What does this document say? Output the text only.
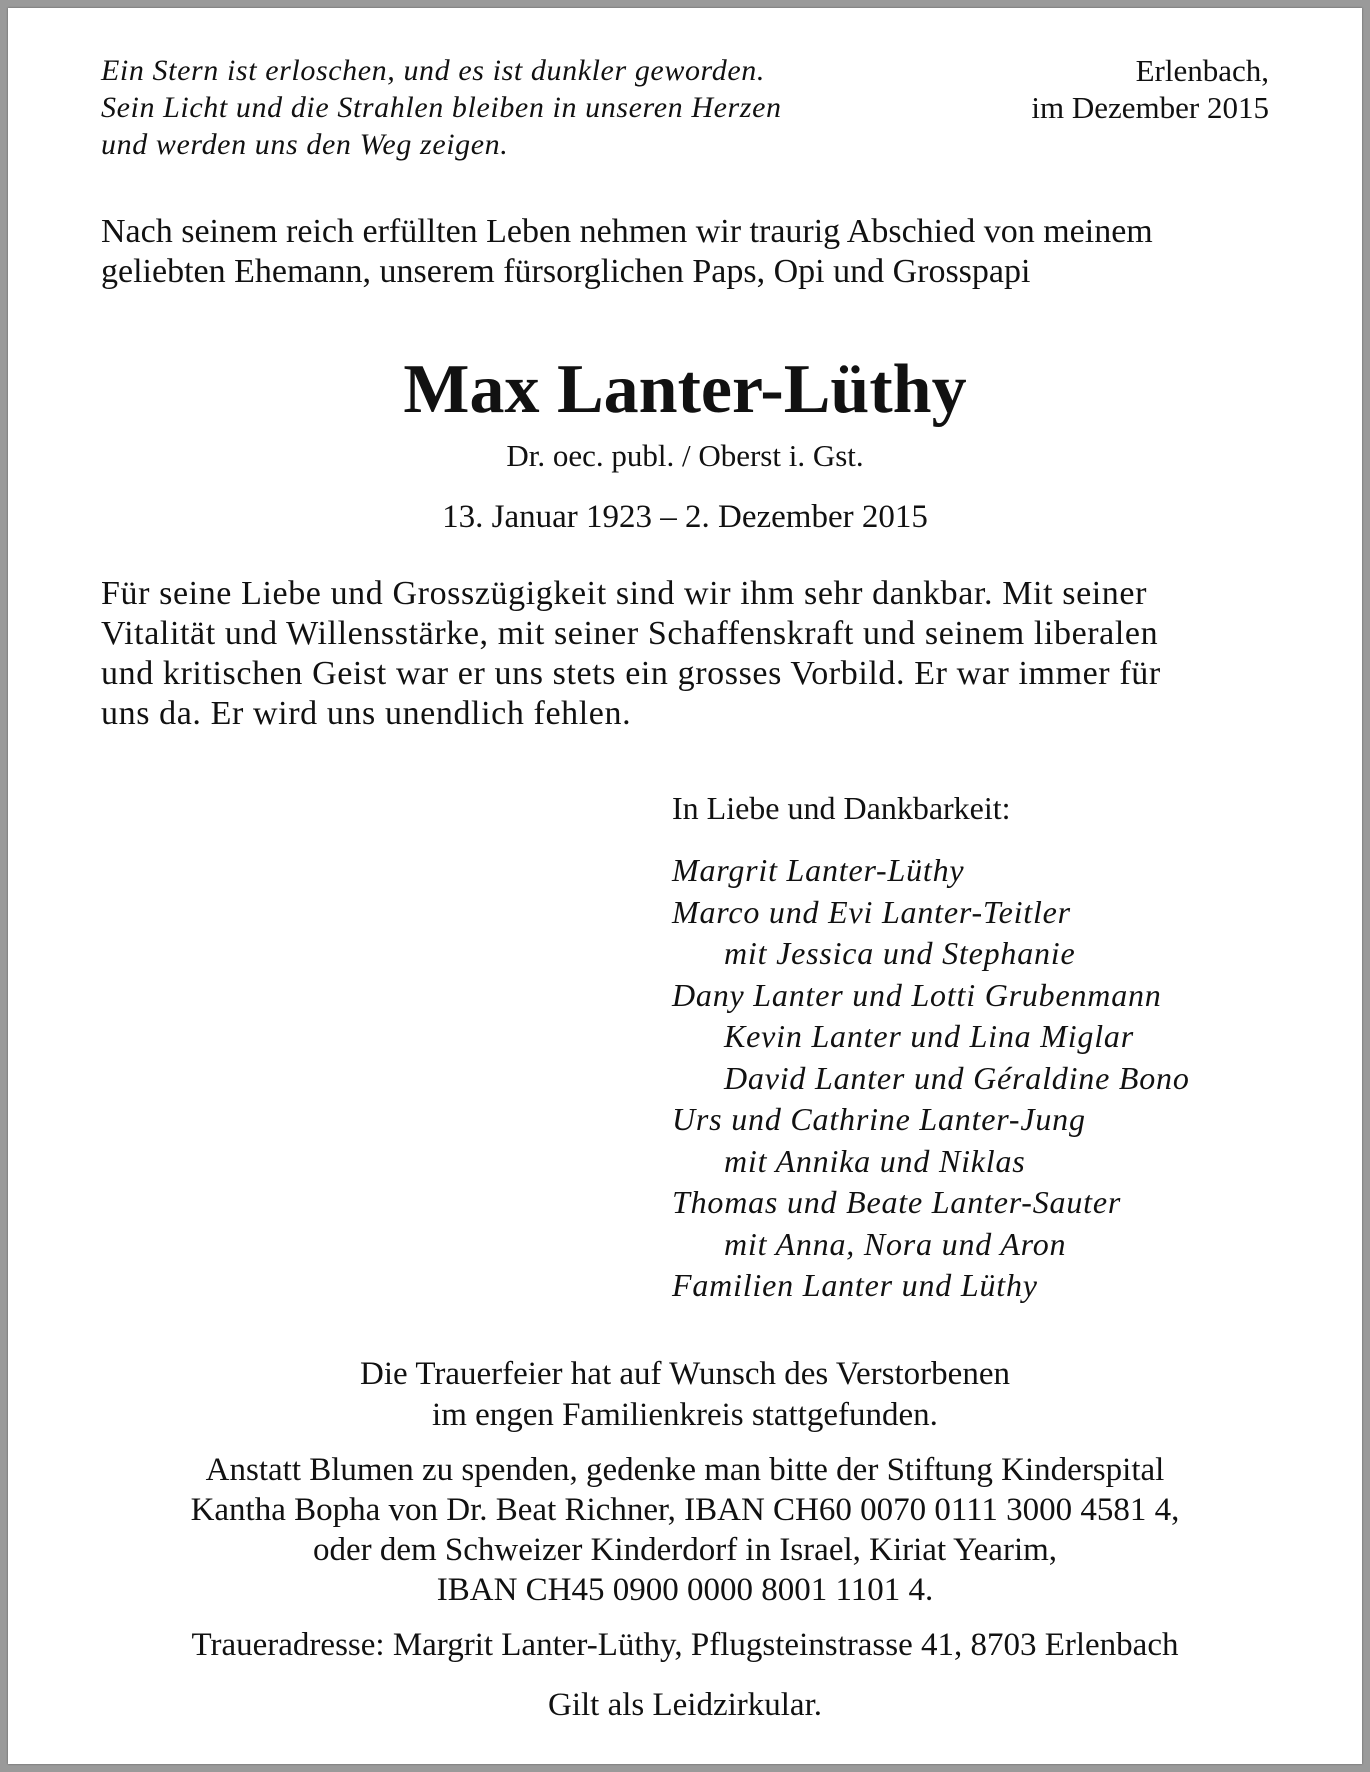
Ein Stern ist erloschen, und es ist dunkler geworden.
Sein Licht und die Strahlen bleiben in unseren Herzen
und werden uns den Weg zeigen.
Erlenbach,
im Dezember 2015
Nach seinem reich erfüllten Leben nehmen wir traurig Abschied von meinem
geliebten Ehemann, unserem fürsorglichen Paps, Opi und Grosspapi
Max Lanter-Lüthy
Dr. oec. publ. / Oberst i. Gst.
13. Januar 1923 – 2. Dezember 2015
Für seine Liebe und Grosszügigkeit sind wir ihm sehr dankbar. Mit seiner
Vitalität und Willensstärke, mit seiner Schaffenskraft und seinem liberalen
und kritischen Geist war er uns stets ein grosses Vorbild. Er war immer für
uns da. Er wird uns unendlich fehlen.
In Liebe und Dankbarkeit:
Margrit Lanter-Lüthy
Marco und Evi Lanter-Teitler
mit Jessica und Stephanie
Dany Lanter und Lotti Grubenmann
Kevin Lanter und Lina Miglar
David Lanter und Géraldine Bono
Urs und Cathrine Lanter-Jung
mit Annika und Niklas
Thomas und Beate Lanter-Sauter
mit Anna, Nora und Aron
Familien Lanter und Lüthy
Die Trauerfeier hat auf Wunsch des Verstorbenen
im engen Familienkreis stattgefunden.
Anstatt Blumen zu spenden, gedenke man bitte der Stiftung Kinderspital
Kantha Bopha von Dr. Beat Richner, IBAN CH60 0070 0111 3000 4581 4,
oder dem Schweizer Kinderdorf in Israel, Kiriat Yearim,
IBAN CH45 0900 0000 8001 1101 4.
Traueradresse: Margrit Lanter-Lüthy, Pflugsteinstrasse 41, 8703 Erlenbach
Gilt als Leidzirkular.
